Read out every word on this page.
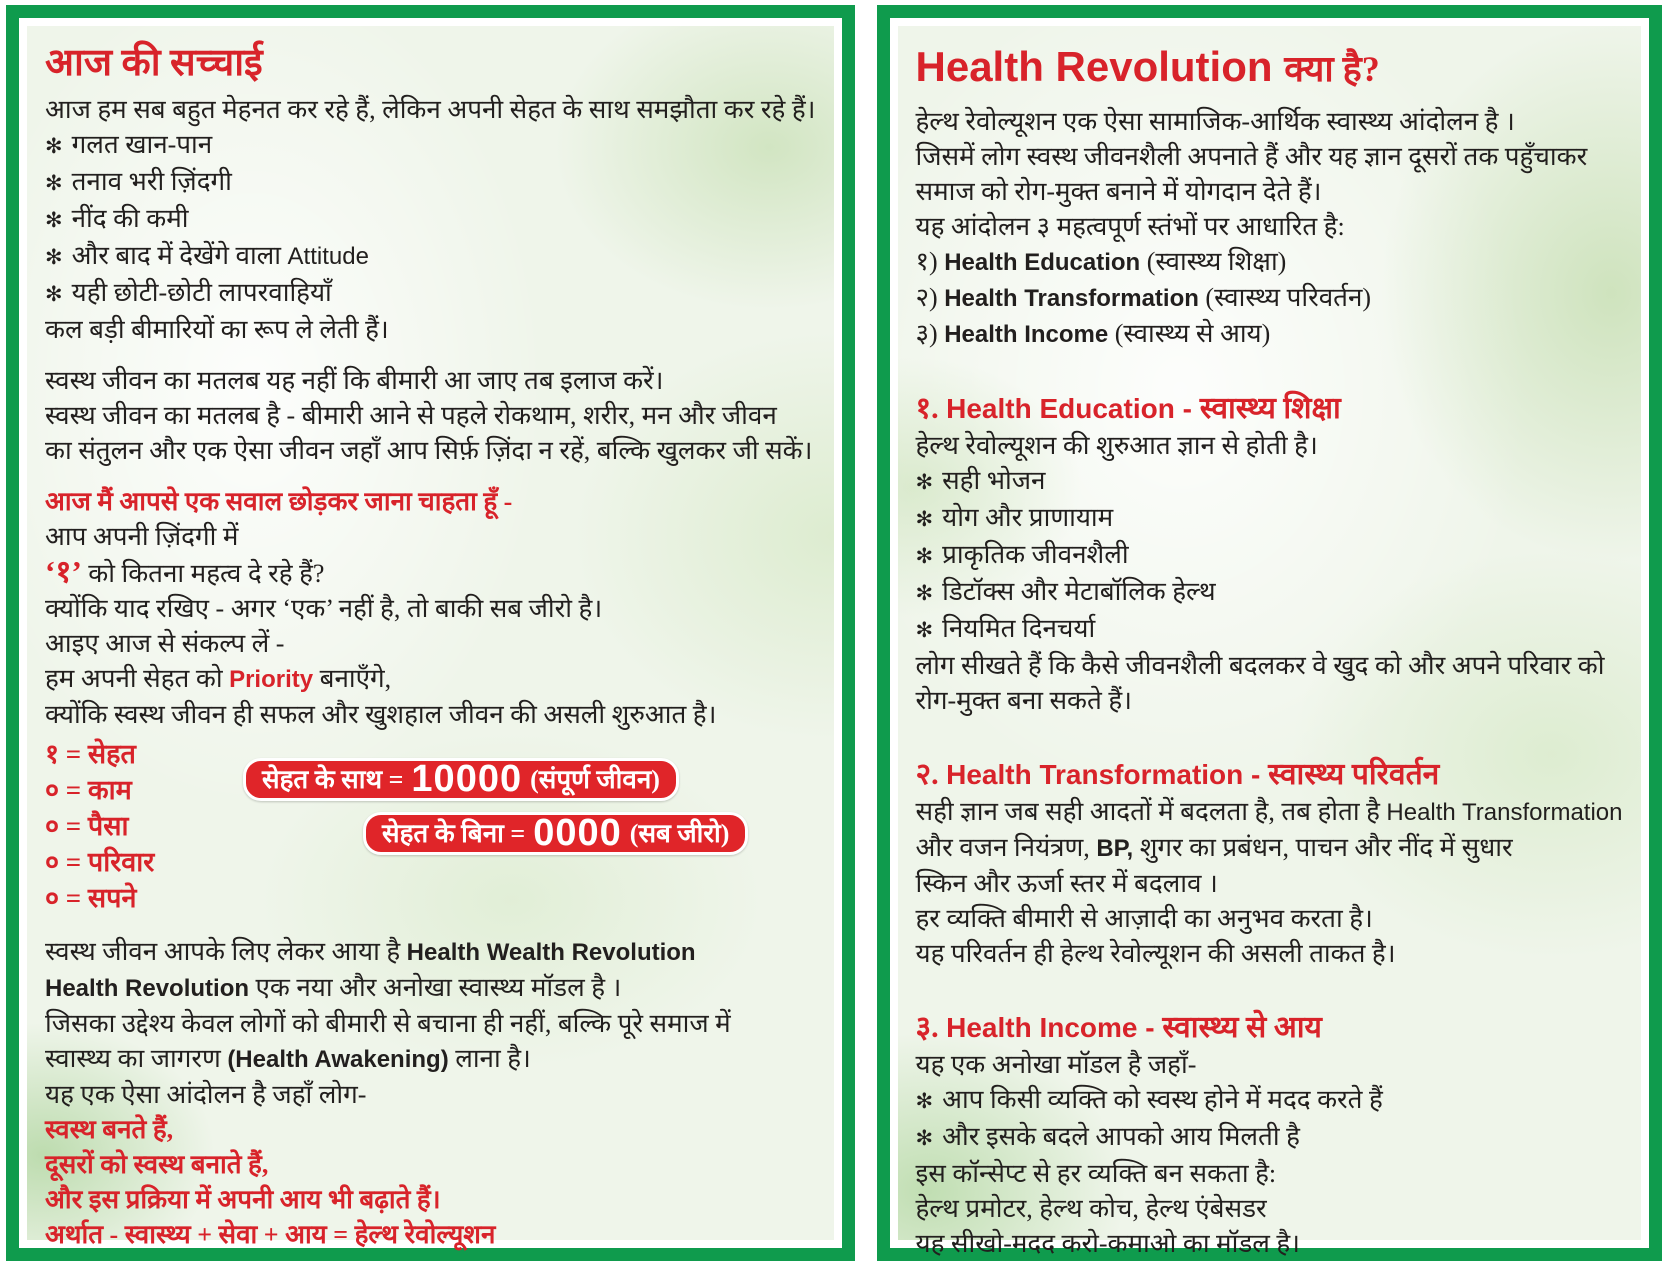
आज की सच्चाई
आज हम सब बहुत मेहनत कर रहे हैं, लेकिन अपनी सेहत के साथ समझौता कर रहे हैं।
✻ गलत खान-पान
✻ तनाव भरी ज़िंदगी
✻ नींद की कमी
✻ और बाद में देखेंगे वाला Attitude
✻ यही छोटी-छोटी लापरवाहियाँ
कल बड़ी बीमारियों का रूप ले लेती हैं।
स्वस्थ जीवन का मतलब यह नहीं कि बीमारी आ जाए तब इलाज करें।
स्वस्थ जीवन का मतलब है - बीमारी आने से पहले रोकथाम, शरीर, मन और जीवन
का संतुलन और एक ऐसा जीवन जहाँ आप सिर्फ़ ज़िंदा न रहें, बल्कि खुलकर जी सकें।
आज मैं आपसे एक सवाल छोड़कर जाना चाहता हूँ -
आप अपनी ज़िंदगी में
‘१’ को कितना महत्व दे रहे हैं?
क्योंकि याद रखिए - अगर ‘एक’ नहीं है, तो बाकी सब जीरो है।
आइए आज से संकल्प लें -
हम अपनी सेहत को Priority बनाएँगे,
क्योंकि स्वस्थ जीवन ही सफल और खुशहाल जीवन की असली शुरुआत है।
१ = सेहत
० = काम
० = पैसा
० = परिवार
० = सपने
सेहत के साथ = 10000 (संपूर्ण जीवन)
सेहत के बिना = 0000 (सब जीरो)
स्वस्थ जीवन आपके लिए लेकर आया है Health Wealth Revolution
Health Revolution एक नया और अनोखा स्वास्थ्य मॉडल है ।
जिसका उद्देश्य केवल लोगों को बीमारी से बचाना ही नहीं, बल्कि पूरे समाज में
स्वास्थ्य का जागरण (Health Awakening) लाना है।
यह एक ऐसा आंदोलन है जहाँ लोग-
स्वस्थ बनते हैं,
दूसरों को स्वस्थ बनाते हैं,
और इस प्रक्रिया में अपनी आय भी बढ़ाते हैं।
अर्थात - स्वास्थ्य + सेवा + आय = हेल्थ रेवोल्यूशन
Health Revolution क्या है?
हेल्थ रेवोल्यूशन एक ऐसा सामाजिक-आर्थिक स्वास्थ्य आंदोलन है ।
जिसमें लोग स्वस्थ जीवनशैली अपनाते हैं और यह ज्ञान दूसरों तक पहुँचाकर
समाज को रोग-मुक्त बनाने में योगदान देते हैं।
यह आंदोलन ३ महत्वपूर्ण स्तंभों पर आधारित है:
१) Health Education (स्वास्थ्य शिक्षा)
२) Health Transformation (स्वास्थ्य परिवर्तन)
३) Health Income (स्वास्थ्य से आय)
१. Health Education - स्वास्थ्य शिक्षा
हेल्थ रेवोल्यूशन की शुरुआत ज्ञान से होती है।
✻ सही भोजन
✻ योग और प्राणायाम
✻ प्राकृतिक जीवनशैली
✻ डिटॉक्स और मेटाबॉलिक हेल्थ
✻ नियमित दिनचर्या
लोग सीखते हैं कि कैसे जीवनशैली बदलकर वे खुद को और अपने परिवार को
रोग-मुक्त बना सकते हैं।
२. Health Transformation - स्वास्थ्य परिवर्तन
सही ज्ञान जब सही आदतों में बदलता है, तब होता है Health Transformation
और वजन नियंत्रण, BP, शुगर का प्रबंधन, पाचन और नींद में सुधार
स्किन और ऊर्जा स्तर में बदलाव ।
हर व्यक्ति बीमारी से आज़ादी का अनुभव करता है।
यह परिवर्तन ही हेल्थ रेवोल्यूशन की असली ताकत है।
३. Health Income - स्वास्थ्य से आय
यह एक अनोखा मॉडल है जहाँ-
✻ आप किसी व्यक्ति को स्वस्थ होने में मदद करते हैं
✻ और इसके बदले आपको आय मिलती है
इस कॉन्सेप्ट से हर व्यक्ति बन सकता है:
हेल्थ प्रमोटर, हेल्थ कोच, हेल्थ एंबेसडर
यह सीखो-मदद करो-कमाओ का मॉडल है।
